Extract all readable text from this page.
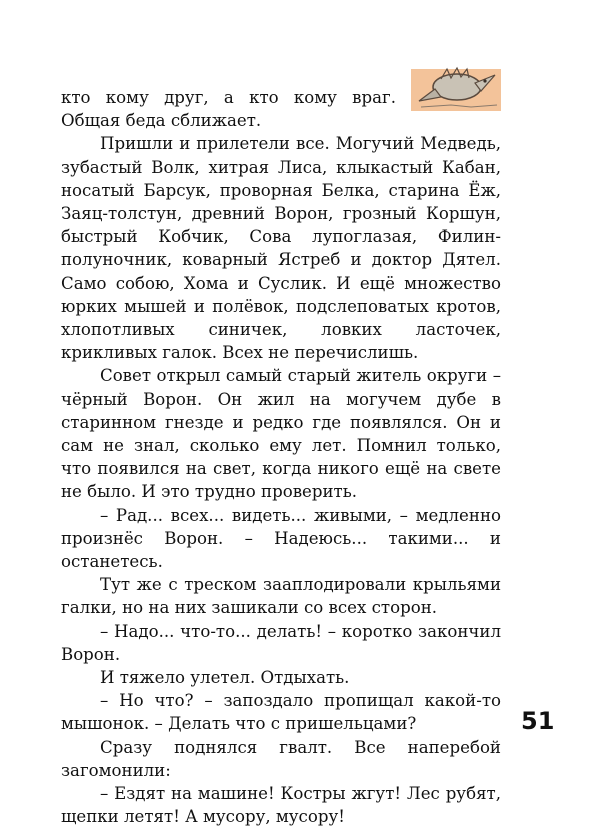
кто кому друг, а кто кому враг. Общая беда сближает.

Пришли и прилетели все. Могучий Медведь, зубастый Волк, хитрая Лиса, клыкастый Кабан, носатый Барсук, проворная Белка, старина Ёж, Заяц-толстун, древний Ворон, грозный Коршун, быстрый Кобчик, Сова лупоглазая, Филин-полуночник, коварный Ястреб и доктор Дятел. Само собою, Хома и Суслик. И ещё множество юрких мышей и полёвок, подслеповатых кротов, хлопотливых синичек, ловких ласточек, крикливых галок. Всех не перечислишь.

Совет открыл самый старый житель округи – чёрный Ворон. Он жил на могучем дубе в старинном гнезде и редко где появлялся. Он и сам не знал, сколько ему лет. Помнил только, что появился на свет, когда никого ещё на свете не было. И это трудно проверить.

– Рад... всех... видеть... живыми, – медленно произнёс Ворон. – Надеюсь... такими... и останетесь.

Тут же с треском зааплодировали крыльями галки, но на них зашикали со всех сторон.

– Надо... что-то... делать! – коротко закончил Ворон.

И тяжело улетел. Отдыхать.

– Но что? – запоздало пропищал какой-то мышонок. – Делать что с пришельцами?

Сразу поднялся гвалт. Все наперебой загомонили:

– Ездят на машине! Костры жгут! Лес рубят, щепки летят! А мусору, мусору!

51
